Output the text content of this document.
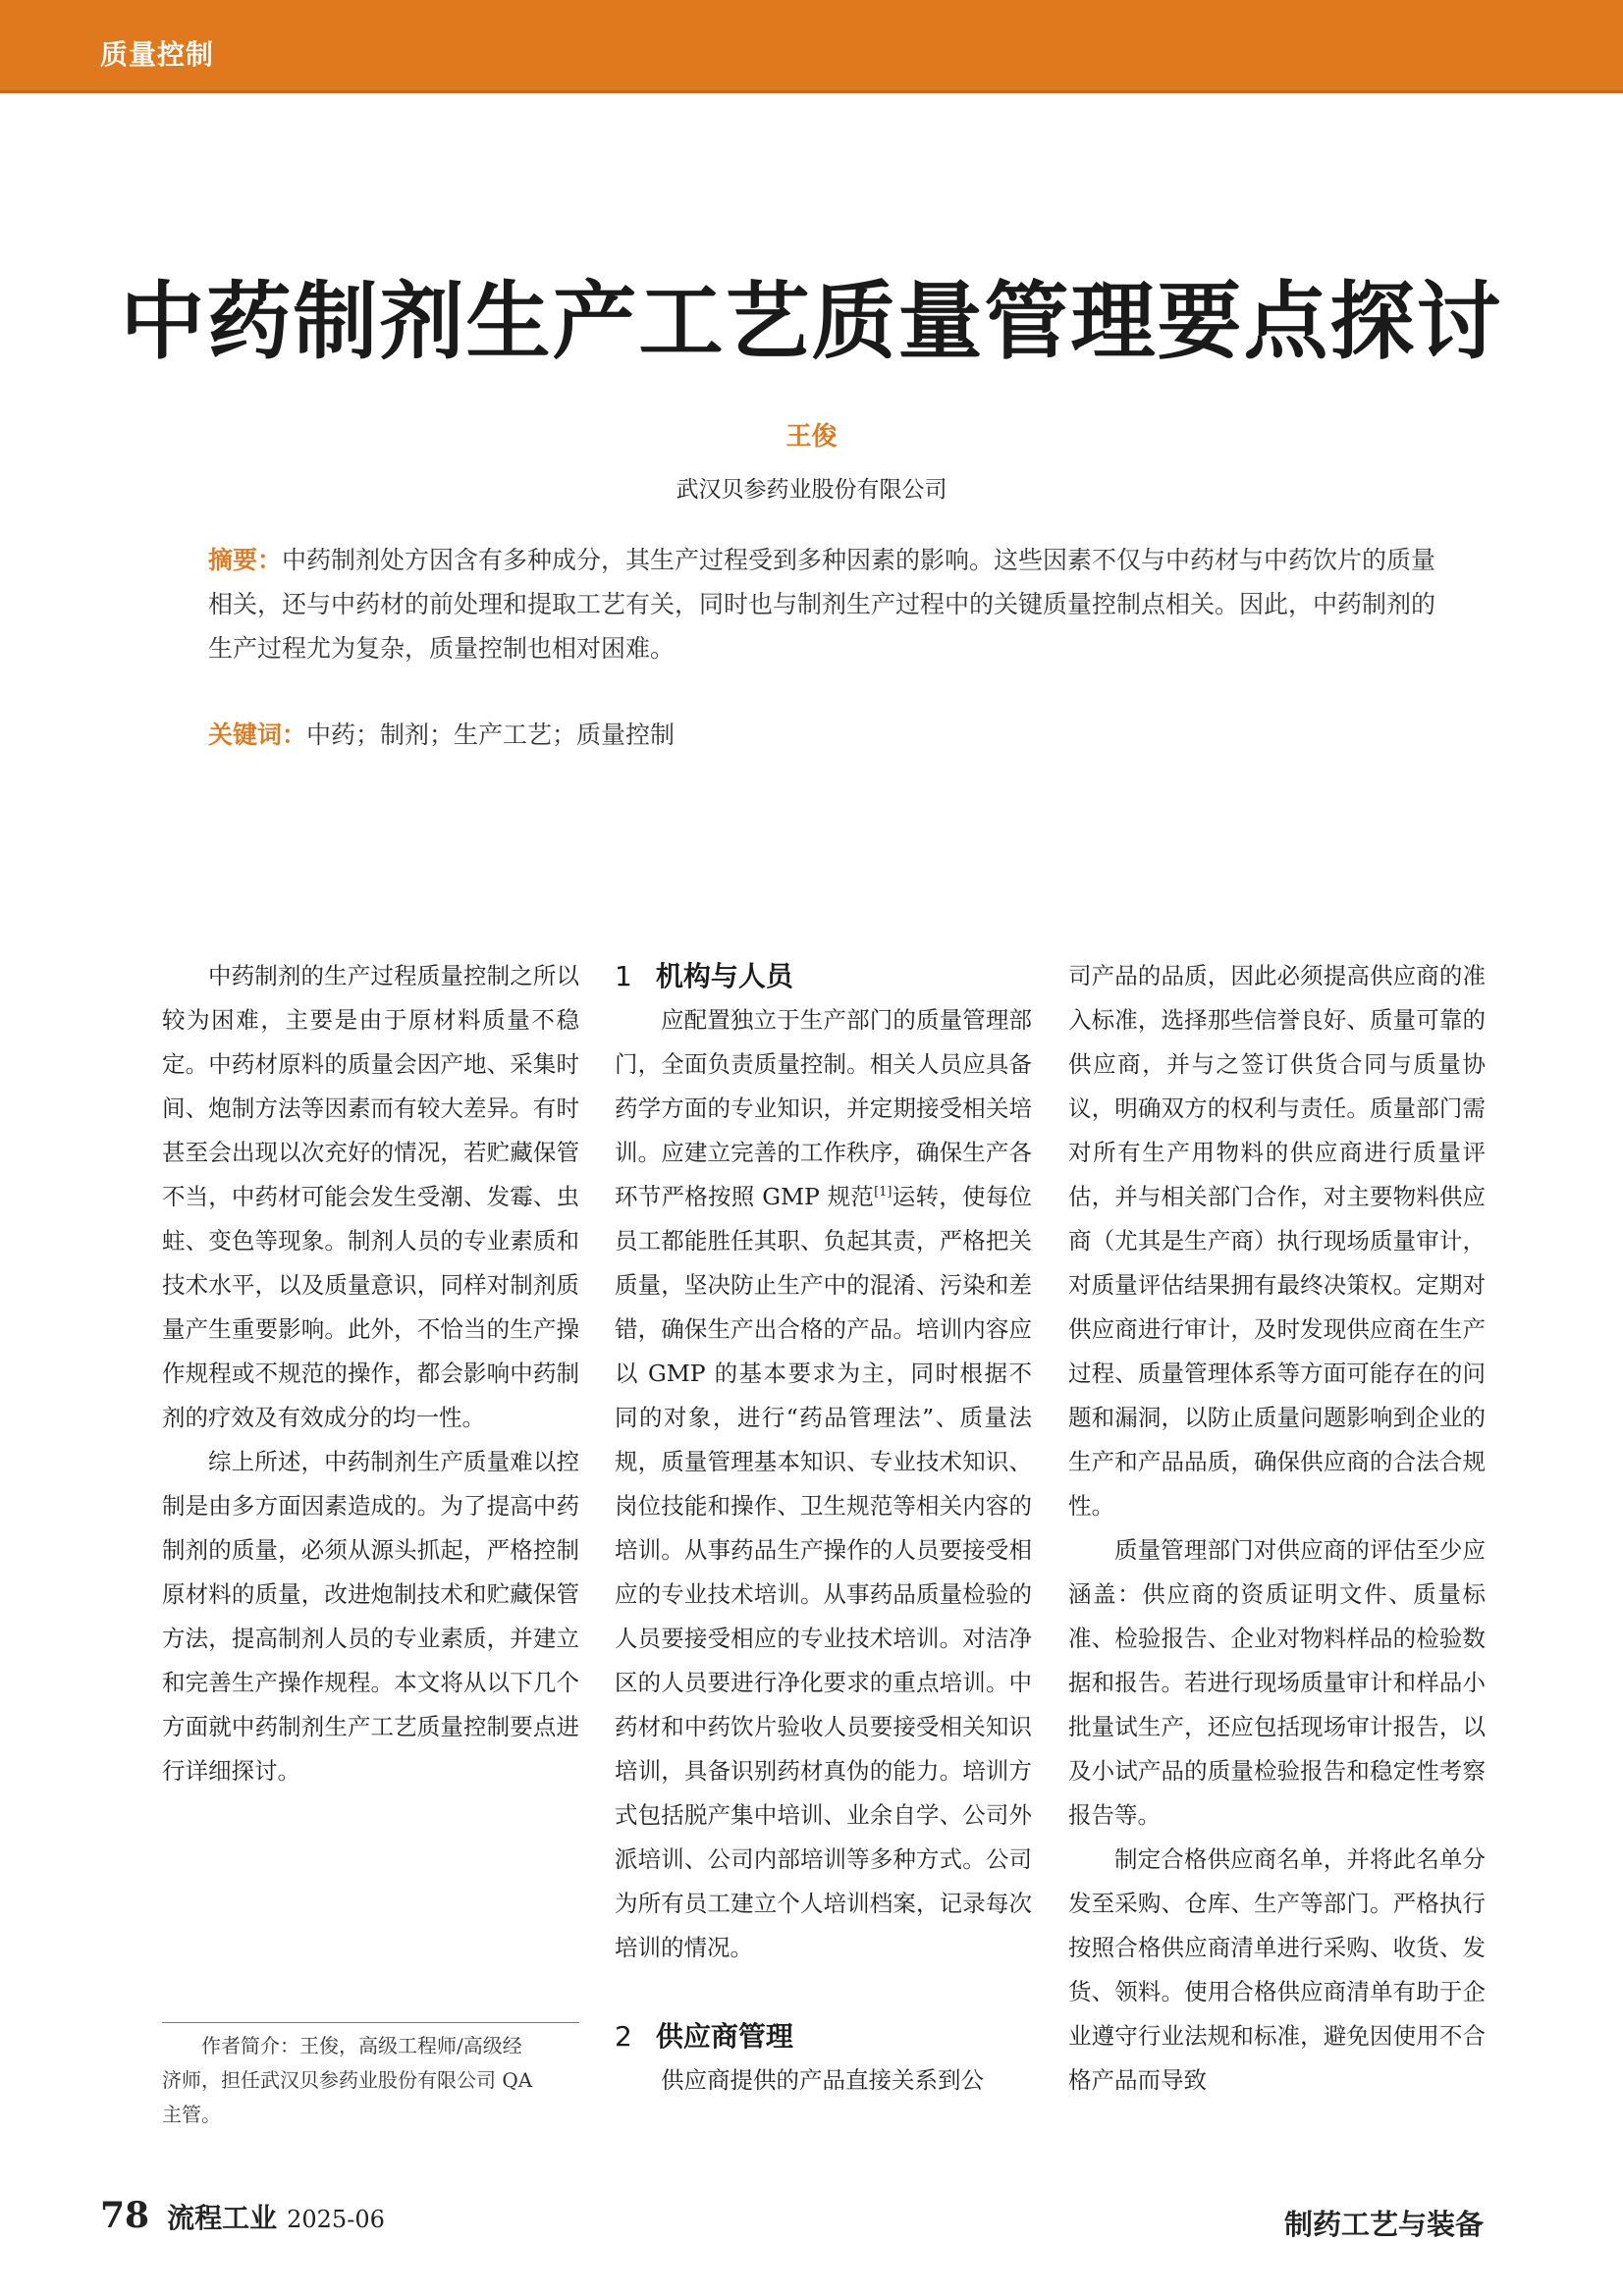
质量控制
中药制剂生产工艺质量管理要点探讨
王俊
武汉贝参药业股份有限公司
摘要：中药制剂处方因含有多种成分，其生产过程受到多种因素的影响。这些因素不仅与中药材与中药饮片的质量相关，还与中药材的前处理和提取工艺有关，同时也与制剂生产过程中的关键质量控制点相关。因此，中药制剂的生产过程尤为复杂，质量控制也相对困难。
关键词：中药；制剂；生产工艺；质量控制

中药制剂的生产过程质量控制之所以较为困难，主要是由于原材料质量不稳定。中药材原料的质量会因产地、采集时间、炮制方法等因素而有较大差异。有时甚至会出现以次充好的情况，若贮藏保管不当，中药材可能会发生受潮、发霉、虫蛀、变色等现象。制剂人员的专业素质和技术水平，以及质量意识，同样对制剂质量产生重要影响。此外，不恰当的生产操作规程或不规范的操作，都会影响中药制剂的疗效及有效成分的均一性。

综上所述，中药制剂生产质量难以控制是由多方面因素造成的。为了提高中药制剂的质量，必须从源头抓起，严格控制原材料的质量，改进炮制技术和贮藏保管方法，提高制剂人员的专业素质，并建立和完善生产操作规程。本文将从以下几个方面就中药制剂生产工艺质量控制要点进行详细探讨。

1 机构与人员

应配置独立于生产部门的质量管理部门，全面负责质量控制。相关人员应具备药学方面的专业知识，并定期接受相关培训。应建立完善的工作秩序，确保生产各环节严格按照 GMP 规范[1]运转，使每位员工都能胜任其职、负起其责，严格把关质量，坚决防止生产中的混淆、污染和差错，确保生产出合格的产品。培训内容应以 GMP 的基本要求为主，同时根据不同的对象，进行“药品管理法”、质量法规，质量管理基本知识、专业技术知识、岗位技能和操作、卫生规范等相关内容的培训。从事药品生产操作的人员要接受相应的专业技术培训。从事药品质量检验的人员要接受相应的专业技术培训。对洁净区的人员要进行净化要求的重点培训。中药材和中药饮片验收人员要接受相关知识培训，具备识别药材真伪的能力。培训方式包括脱产集中培训、业余自学、公司外派培训、公司内部培训等多种方式。公司为所有员工建立个人培训档案，记录每次培训的情况。

2 供应商管理

供应商提供的产品直接关系到公

司产品的品质，因此必须提高供应商的准入标准，选择那些信誉良好、质量可靠的供应商，并与之签订供货合同与质量协议，明确双方的权利与责任。质量部门需对所有生产用物料的供应商进行质量评估，并与相关部门合作，对主要物料供应商（尤其是生产商）执行现场质量审计，对质量评估结果拥有最终决策权。定期对供应商进行审计，及时发现供应商在生产过程、质量管理体系等方面可能存在的问题和漏洞，以防止质量问题影响到企业的生产和产品品质，确保供应商的合法合规性。

质量管理部门对供应商的评估至少应涵盖：供应商的资质证明文件、质量标准、检验报告、企业对物料样品的检验数据和报告。若进行现场质量审计和样品小批量试生产，还应包括现场审计报告，以及小试产品的质量检验报告和稳定性考察报告等。

制定合格供应商名单，并将此名单分发至采购、仓库、生产等部门。严格执行按照合格供应商清单进行采购、收货、发货、领料。使用合格供应商清单有助于企业遵守行业法规和标准，避免因使用不合格产品而导致

作者简介：王俊，高级工程师/高级经
济师，担任武汉贝参药业股份有限公司 QA
主管。
78 流程工业 2025-06	制药工艺与装备
